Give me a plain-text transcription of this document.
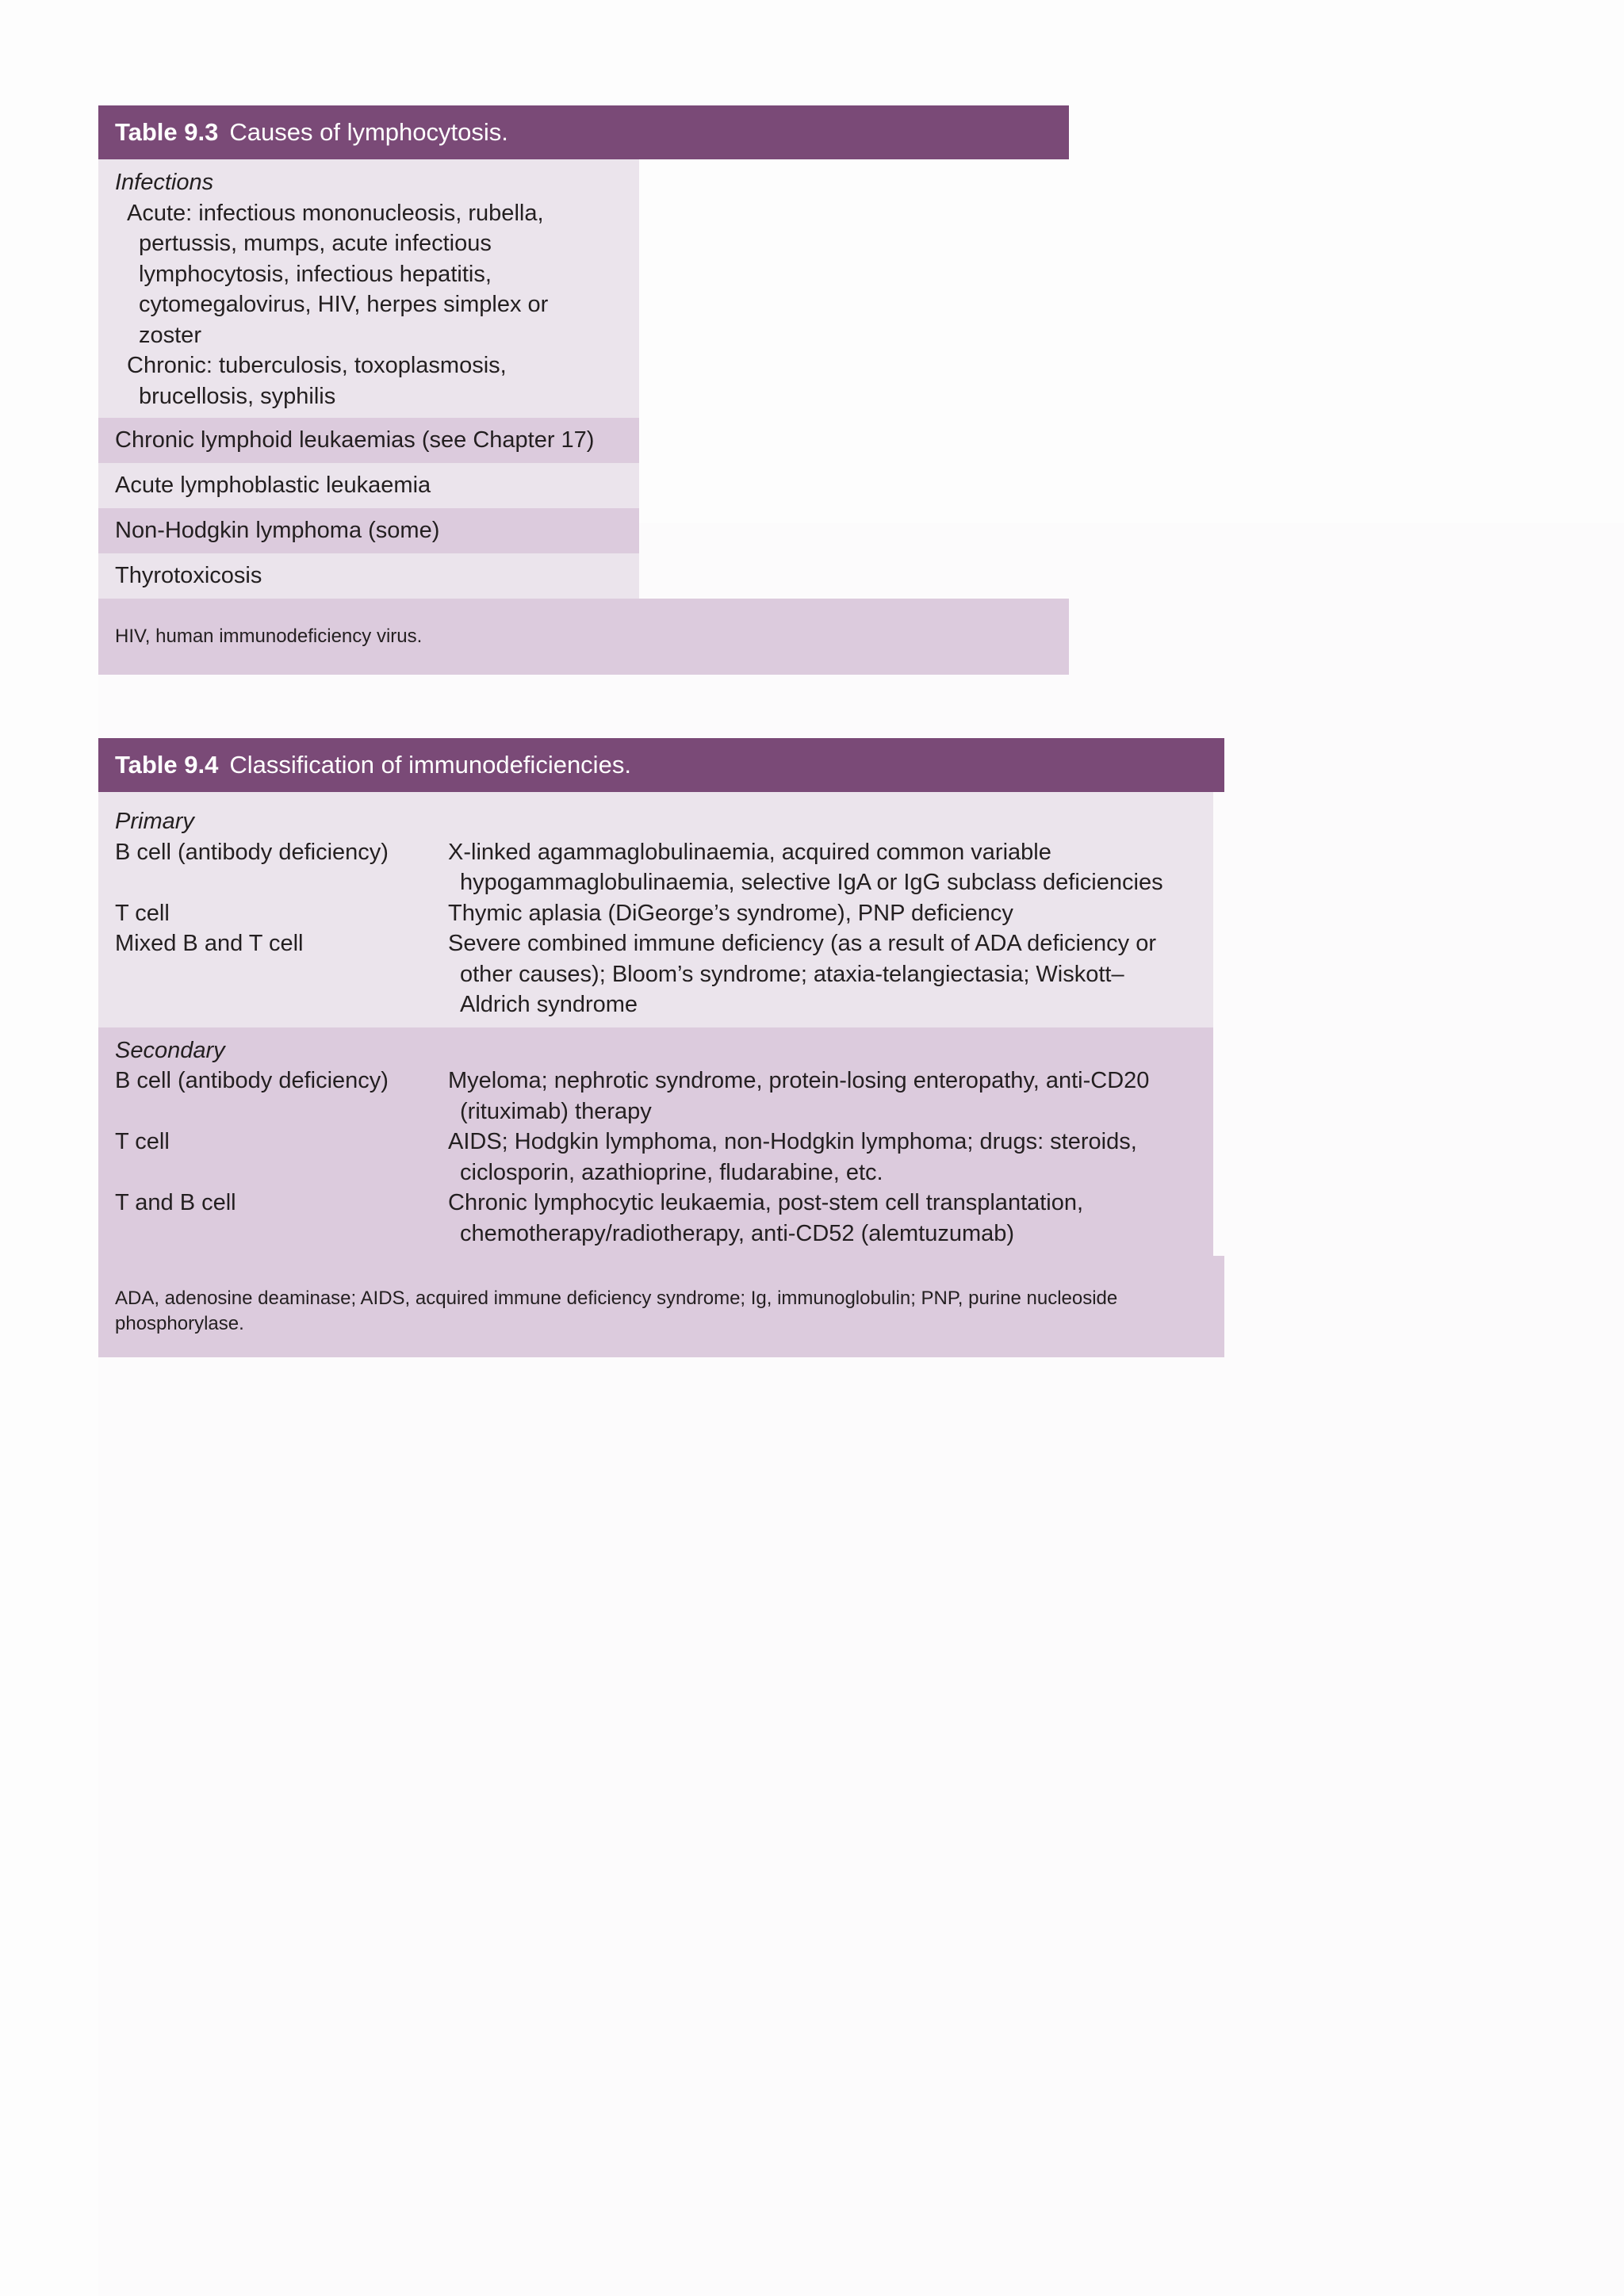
Table 9.3 Causes of lymphocytosis.
Infections
Acute: infectious mononucleosis, rubella,
pertussis, mumps, acute infectious
lymphocytosis, infectious hepatitis,
cytomegalovirus, HIV, herpes simplex or
zoster
Chronic: tuberculosis, toxoplasmosis,
brucellosis, syphilis
Chronic lymphoid leukaemias (see Chapter 17)
Acute lymphoblastic leukaemia
Non-Hodgkin lymphoma (some)
Thyrotoxicosis
HIV, human immunodeficiency virus.
Table 9.4 Classification of immunodeficiencies.
Primary
B cell (antibody deficiency)	X-linked agammaglobulinaemia, acquired common variable
hypogammaglobulinaemia, selective IgA or IgG subclass deficiencies
T cell	Thymic aplasia (DiGeorge’s syndrome), PNP deficiency
Mixed B and T cell	Severe combined immune deficiency (as a result of ADA deficiency or
other causes); Bloom’s syndrome; ataxia-telangiectasia; Wiskott–
Aldrich syndrome
Secondary
B cell (antibody deficiency)	Myeloma; nephrotic syndrome, protein-losing enteropathy, anti-CD20
(rituximab) therapy
T cell	AIDS; Hodgkin lymphoma, non-Hodgkin lymphoma; drugs: steroids,
ciclosporin, azathioprine, fludarabine, etc.
T and B cell	Chronic lymphocytic leukaemia, post-stem cell transplantation,
chemotherapy/radiotherapy, anti-CD52 (alemtuzumab)
ADA, adenosine deaminase; AIDS, acquired immune deficiency syndrome; Ig, immunoglobulin; PNP, purine nucleoside phosphorylase.
